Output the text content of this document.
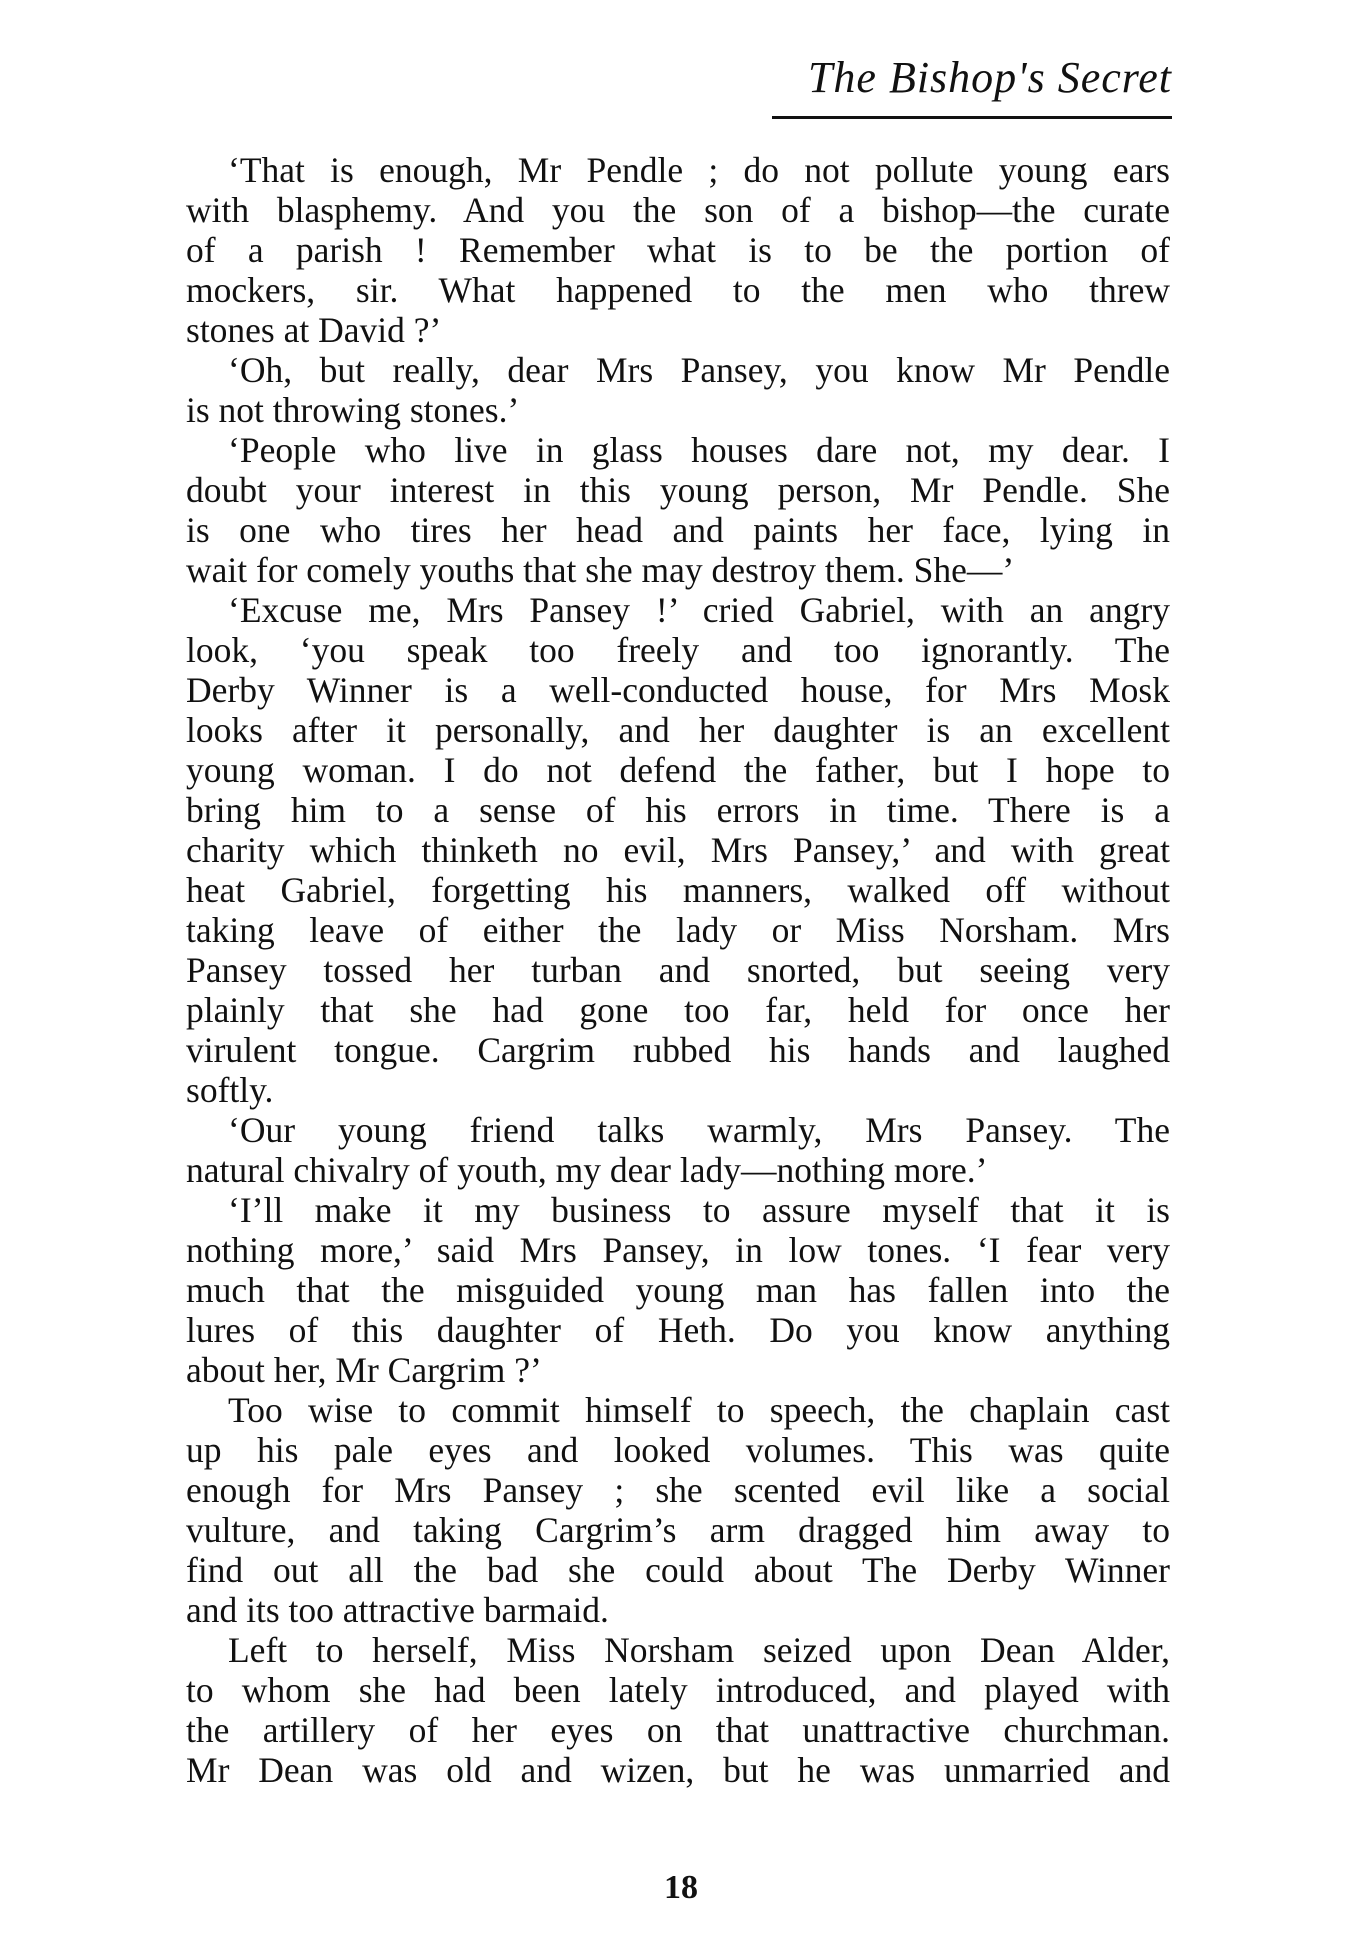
The Bishop's Secret
‘That is enough, Mr Pendle ; do not pollute young ears
with blasphemy. And you the son of a bishop—the curate
of a parish ! Remember what is to be the portion of
mockers, sir. What happened to the men who threw
stones at David ?’
‘Oh, but really, dear Mrs Pansey, you know Mr Pendle
is not throwing stones.’
‘People who live in glass houses dare not, my dear. I
doubt your interest in this young person, Mr Pendle. She
is one who tires her head and paints her face, lying in
wait for comely youths that she may destroy them. She—’
‘Excuse me, Mrs Pansey !’ cried Gabriel, with an angry
look, ‘you speak too freely and too ignorantly. The
Derby Winner is a well-conducted house, for Mrs Mosk
looks after it personally, and her daughter is an excellent
young woman. I do not defend the father, but I hope to
bring him to a sense of his errors in time. There is a
charity which thinketh no evil, Mrs Pansey,’ and with great
heat Gabriel, forgetting his manners, walked off without
taking leave of either the lady or Miss Norsham. Mrs
Pansey tossed her turban and snorted, but seeing very
plainly that she had gone too far, held for once her
virulent tongue. Cargrim rubbed his hands and laughed
softly.
‘Our young friend talks warmly, Mrs Pansey. The
natural chivalry of youth, my dear lady—nothing more.’
‘I’ll make it my business to assure myself that it is
nothing more,’ said Mrs Pansey, in low tones. ‘I fear very
much that the misguided young man has fallen into the
lures of this daughter of Heth. Do you know anything
about her, Mr Cargrim ?’
Too wise to commit himself to speech, the chaplain cast
up his pale eyes and looked volumes. This was quite
enough for Mrs Pansey ; she scented evil like a social
vulture, and taking Cargrim’s arm dragged him away to
find out all the bad she could about The Derby Winner
and its too attractive barmaid.
Left to herself, Miss Norsham seized upon Dean Alder,
to whom she had been lately introduced, and played with
the artillery of her eyes on that unattractive churchman.
Mr Dean was old and wizen, but he was unmarried and
18
